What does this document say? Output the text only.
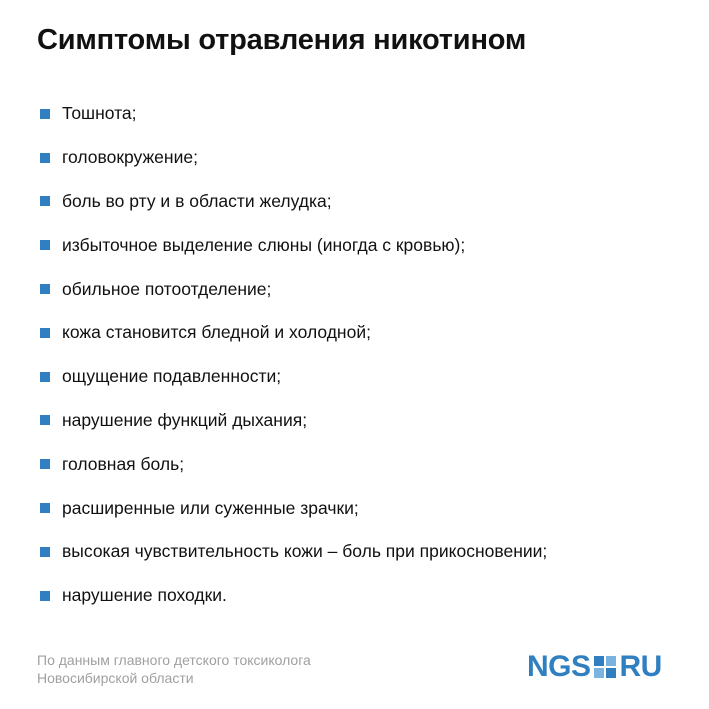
Симптомы отравления никотином
Тошнота;
головокружение;
боль во рту и в области желудка;
избыточное выделение слюны (иногда с кровью);
обильное потоотделение;
кожа становится бледной и холодной;
ощущение подавленности;
нарушение функций дыхания;
головная боль;
расширенные или суженные зрачки;
высокая чувствительность кожи – боль при прикосновении;
нарушение походки.
По данным главного детского токсиколога
Новосибирской области	NGS RU
